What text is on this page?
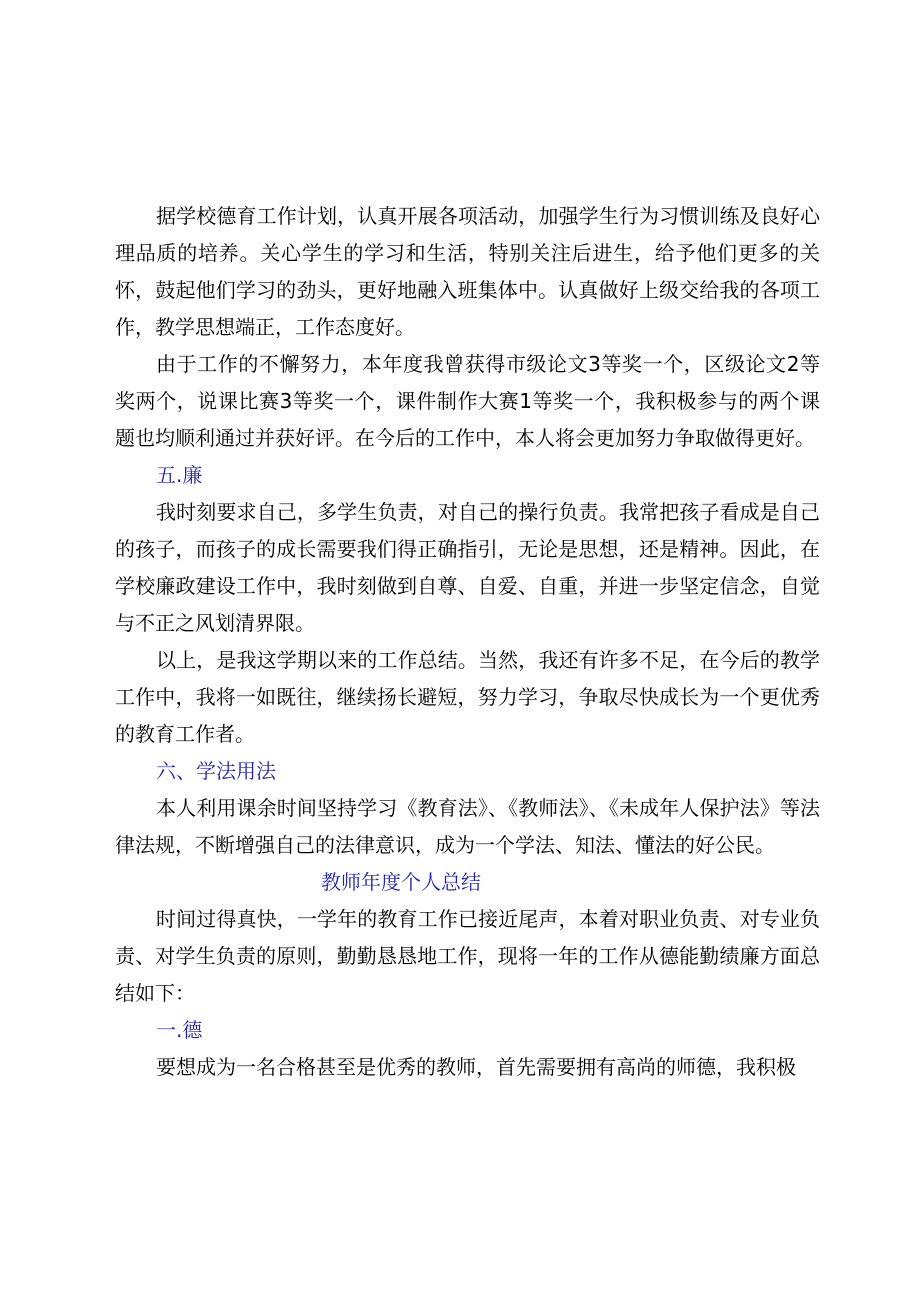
据学校德育工作计划，认真开展各项活动，加强学生行为习惯训练及良好心理品质的培养。关心学生的学习和生活，特别关注后进生，给予他们更多的关怀，鼓起他们学习的劲头，更好地融入班集体中。认真做好上级交给我的各项工作，教学思想端正，工作态度好。

由于工作的不懈努力，本年度我曾获得市级论文3等奖一个，区级论文2等奖两个，说课比赛3等奖一个，课件制作大赛1等奖一个，我积极参与的两个课题也均顺利通过并获好评。在今后的工作中，本人将会更加努力争取做得更好。

五.廉

我时刻要求自己，多学生负责，对自己的操行负责。我常把孩子看成是自己的孩子，而孩子的成长需要我们得正确指引，无论是思想，还是精神。因此，在学校廉政建设工作中，我时刻做到自尊、自爱、自重，并进一步坚定信念，自觉与不正之风划清界限。

以上，是我这学期以来的工作总结。当然，我还有许多不足，在今后的教学工作中，我将一如既往，继续扬长避短，努力学习，争取尽快成长为一个更优秀的教育工作者。

六、学法用法

本人利用课余时间坚持学习《教育法》、《教师法》、《未成年人保护法》等法律法规，不断增强自己的法律意识，成为一个学法、知法、懂法的好公民。

教师年度个人总结

时间过得真快，一学年的教育工作已接近尾声，本着对职业负责、对专业负责、对学生负责的原则，勤勤恳恳地工作，现将一年的工作从德能勤绩廉方面总结如下：

一.德

要想成为一名合格甚至是优秀的教师，首先需要拥有高尚的师德，我积极
